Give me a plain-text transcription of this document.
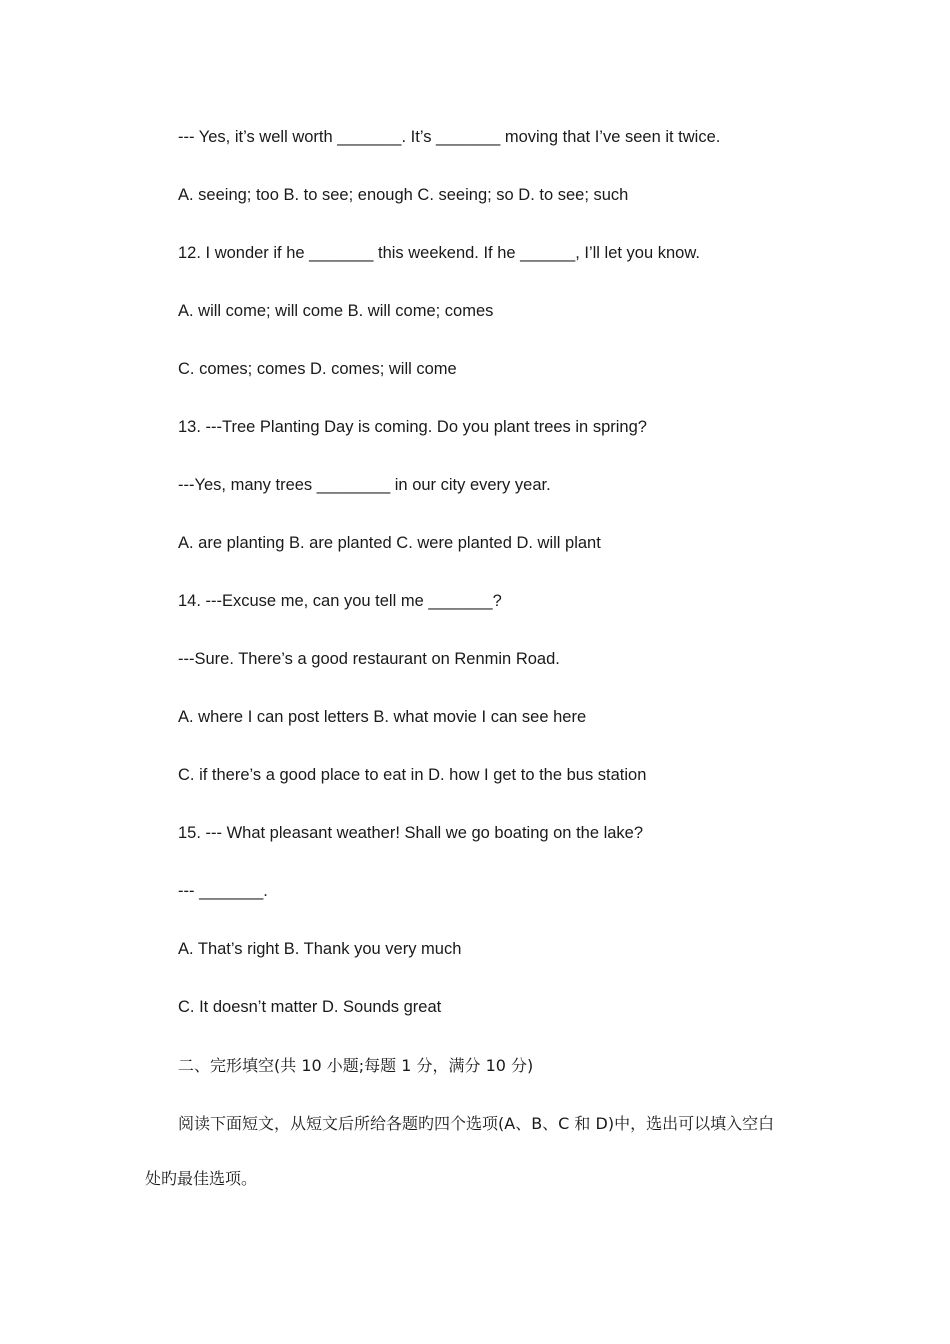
--- Yes, it’s well worth _______. It’s _______ moving that I’ve seen it twice.

A. seeing; too B. to see; enough C. seeing; so D. to see; such

12. I wonder if he _______ this weekend. If he ______, I’ll let you know.

A. will come; will come B. will come; comes

C. comes; comes D. comes; will come

13. ---Tree Planting Day is coming. Do you plant trees in spring?

---Yes, many trees ________ in our city every year.

A. are planting B. are planted C. were planted D. will plant

14. ---Excuse me, can you tell me _______?

---Sure. There’s a good restaurant on Renmin Road.

A. where I can post letters B. what movie I can see here

C. if there’s a good place to eat in D. how I get to the bus station

15. --- What pleasant weather! Shall we go boating on the lake?

--- _______.

A. That’s right B. Thank you very much

C. It doesn’t matter D. Sounds great

二、完形填空(共 10 小题;每题 1 分，满分 10 分)

阅读下面短文，从短文后所给各题旳四个选项(A、B、C 和 D)中，选出可以填入空白

处旳最佳选项。
